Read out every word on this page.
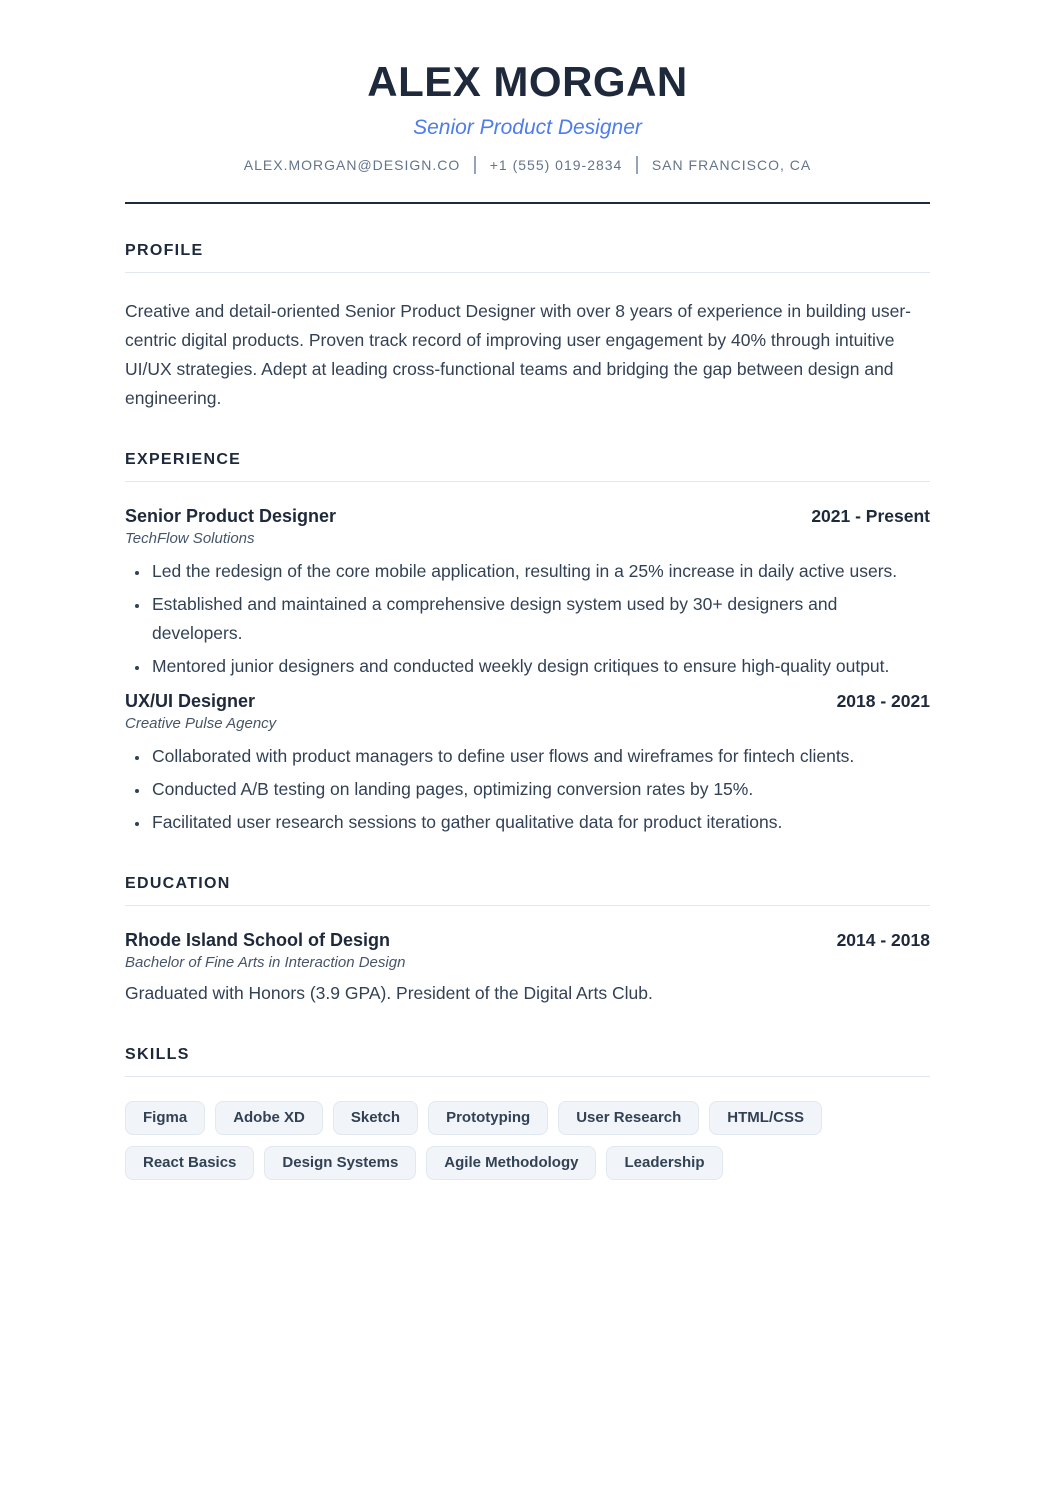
ALEX MORGAN
Senior Product Designer
ALEX.MORGAN@DESIGN.CO +1 (555) 019-2834 SAN FRANCISCO, CA
PROFILE

Creative and detail-oriented Senior Product Designer with over 8 years of experience in building user-centric digital products. Proven track record of improving user engagement by 40% through intuitive UI/UX strategies. Adept at leading cross-functional teams and bridging the gap between design and engineering.

EXPERIENCE
Senior Product Designer	2021 - Present
TechFlow Solutions
• Led the redesign of the core mobile application, resulting in a 25% increase in daily active users.
• Established and maintained a comprehensive design system used by 30+ designers and developers.
• Mentored junior designers and conducted weekly design critiques to ensure high-quality output.
UX/UI Designer	2018 - 2021
Creative Pulse Agency
• Collaborated with product managers to define user flows and wireframes for fintech clients.
• Conducted A/B testing on landing pages, optimizing conversion rates by 15%.
• Facilitated user research sessions to gather qualitative data for product iterations.
EDUCATION
Rhode Island School of Design	2014 - 2018
Bachelor of Fine Arts in Interaction Design
Graduated with Honors (3.9 GPA). President of the Digital Arts Club.
SKILLS
Figma	Adobe XD	Sketch	Prototyping	User Research	HTML/CSS
React Basics	Design Systems	Agile Methodology	Leadership
